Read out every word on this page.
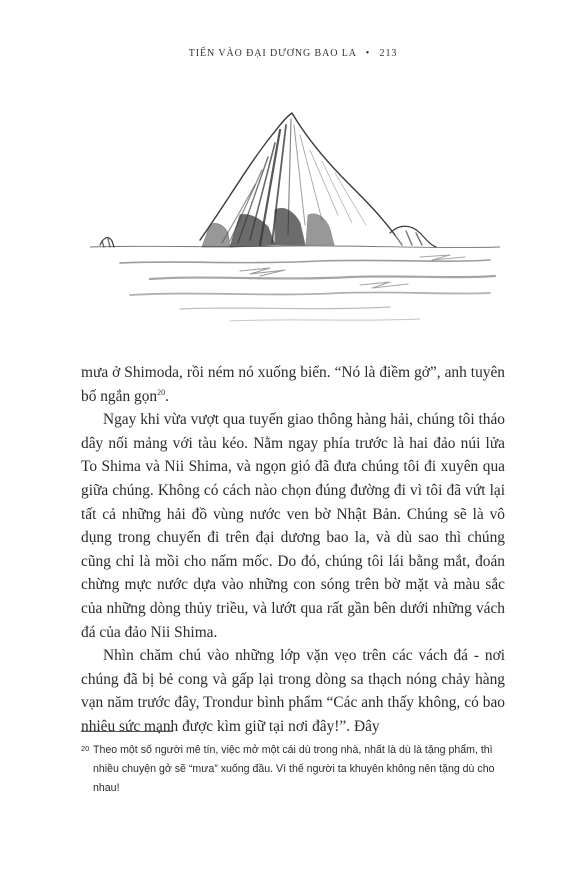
TIẾN VÀO ĐẠI DƯƠNG BAO LA • 213

mưa ở Shimoda, rồi ném nó xuống biển. “Nó là điềm gở”, anh tuyên bố ngắn gọn$^{20}$.

Ngay khi vừa vượt qua tuyến giao thông hàng hải, chúng tôi tháo dây nối mảng với tàu kéo. Nằm ngay phía trước là hai đảo núi lửa To Shima và Nii Shima, và ngọn gió đã đưa chúng tôi đi xuyên qua giữa chúng. Không có cách nào chọn đúng đường đi vì tôi đã vứt lại tất cả những hải đồ vùng nước ven bờ Nhật Bản. Chúng sẽ là vô dụng trong chuyến đi trên đại dương bao la, và dù sao thì chúng cũng chỉ là mồi cho nấm mốc. Do đó, chúng tôi lái bằng mắt, đoán chừng mực nước dựa vào những con sóng trên bờ mặt và màu sắc của những dòng thủy triều, và lướt qua rất gần bên dưới những vách đá của đảo Nii Shima.

Nhìn chăm chú vào những lớp vặn vẹo trên các vách đá - nơi chúng đã bị bẻ cong và gấp lại trong dòng sa thạch nóng chảy hàng vạn năm trước đây, Trondur bình phẩm “Các anh thấy không, có bao nhiêu sức mạnh được kìm giữ tại nơi đây!”. Đây

20 Theo một số người mê tín, việc mở một cái dù trong nhà, nhất là dù là tặng phẩm, thì nhiều chuyện gở sẽ “mưa” xuống đầu. Vì thế người ta khuyên không nên tặng dù cho nhau!
